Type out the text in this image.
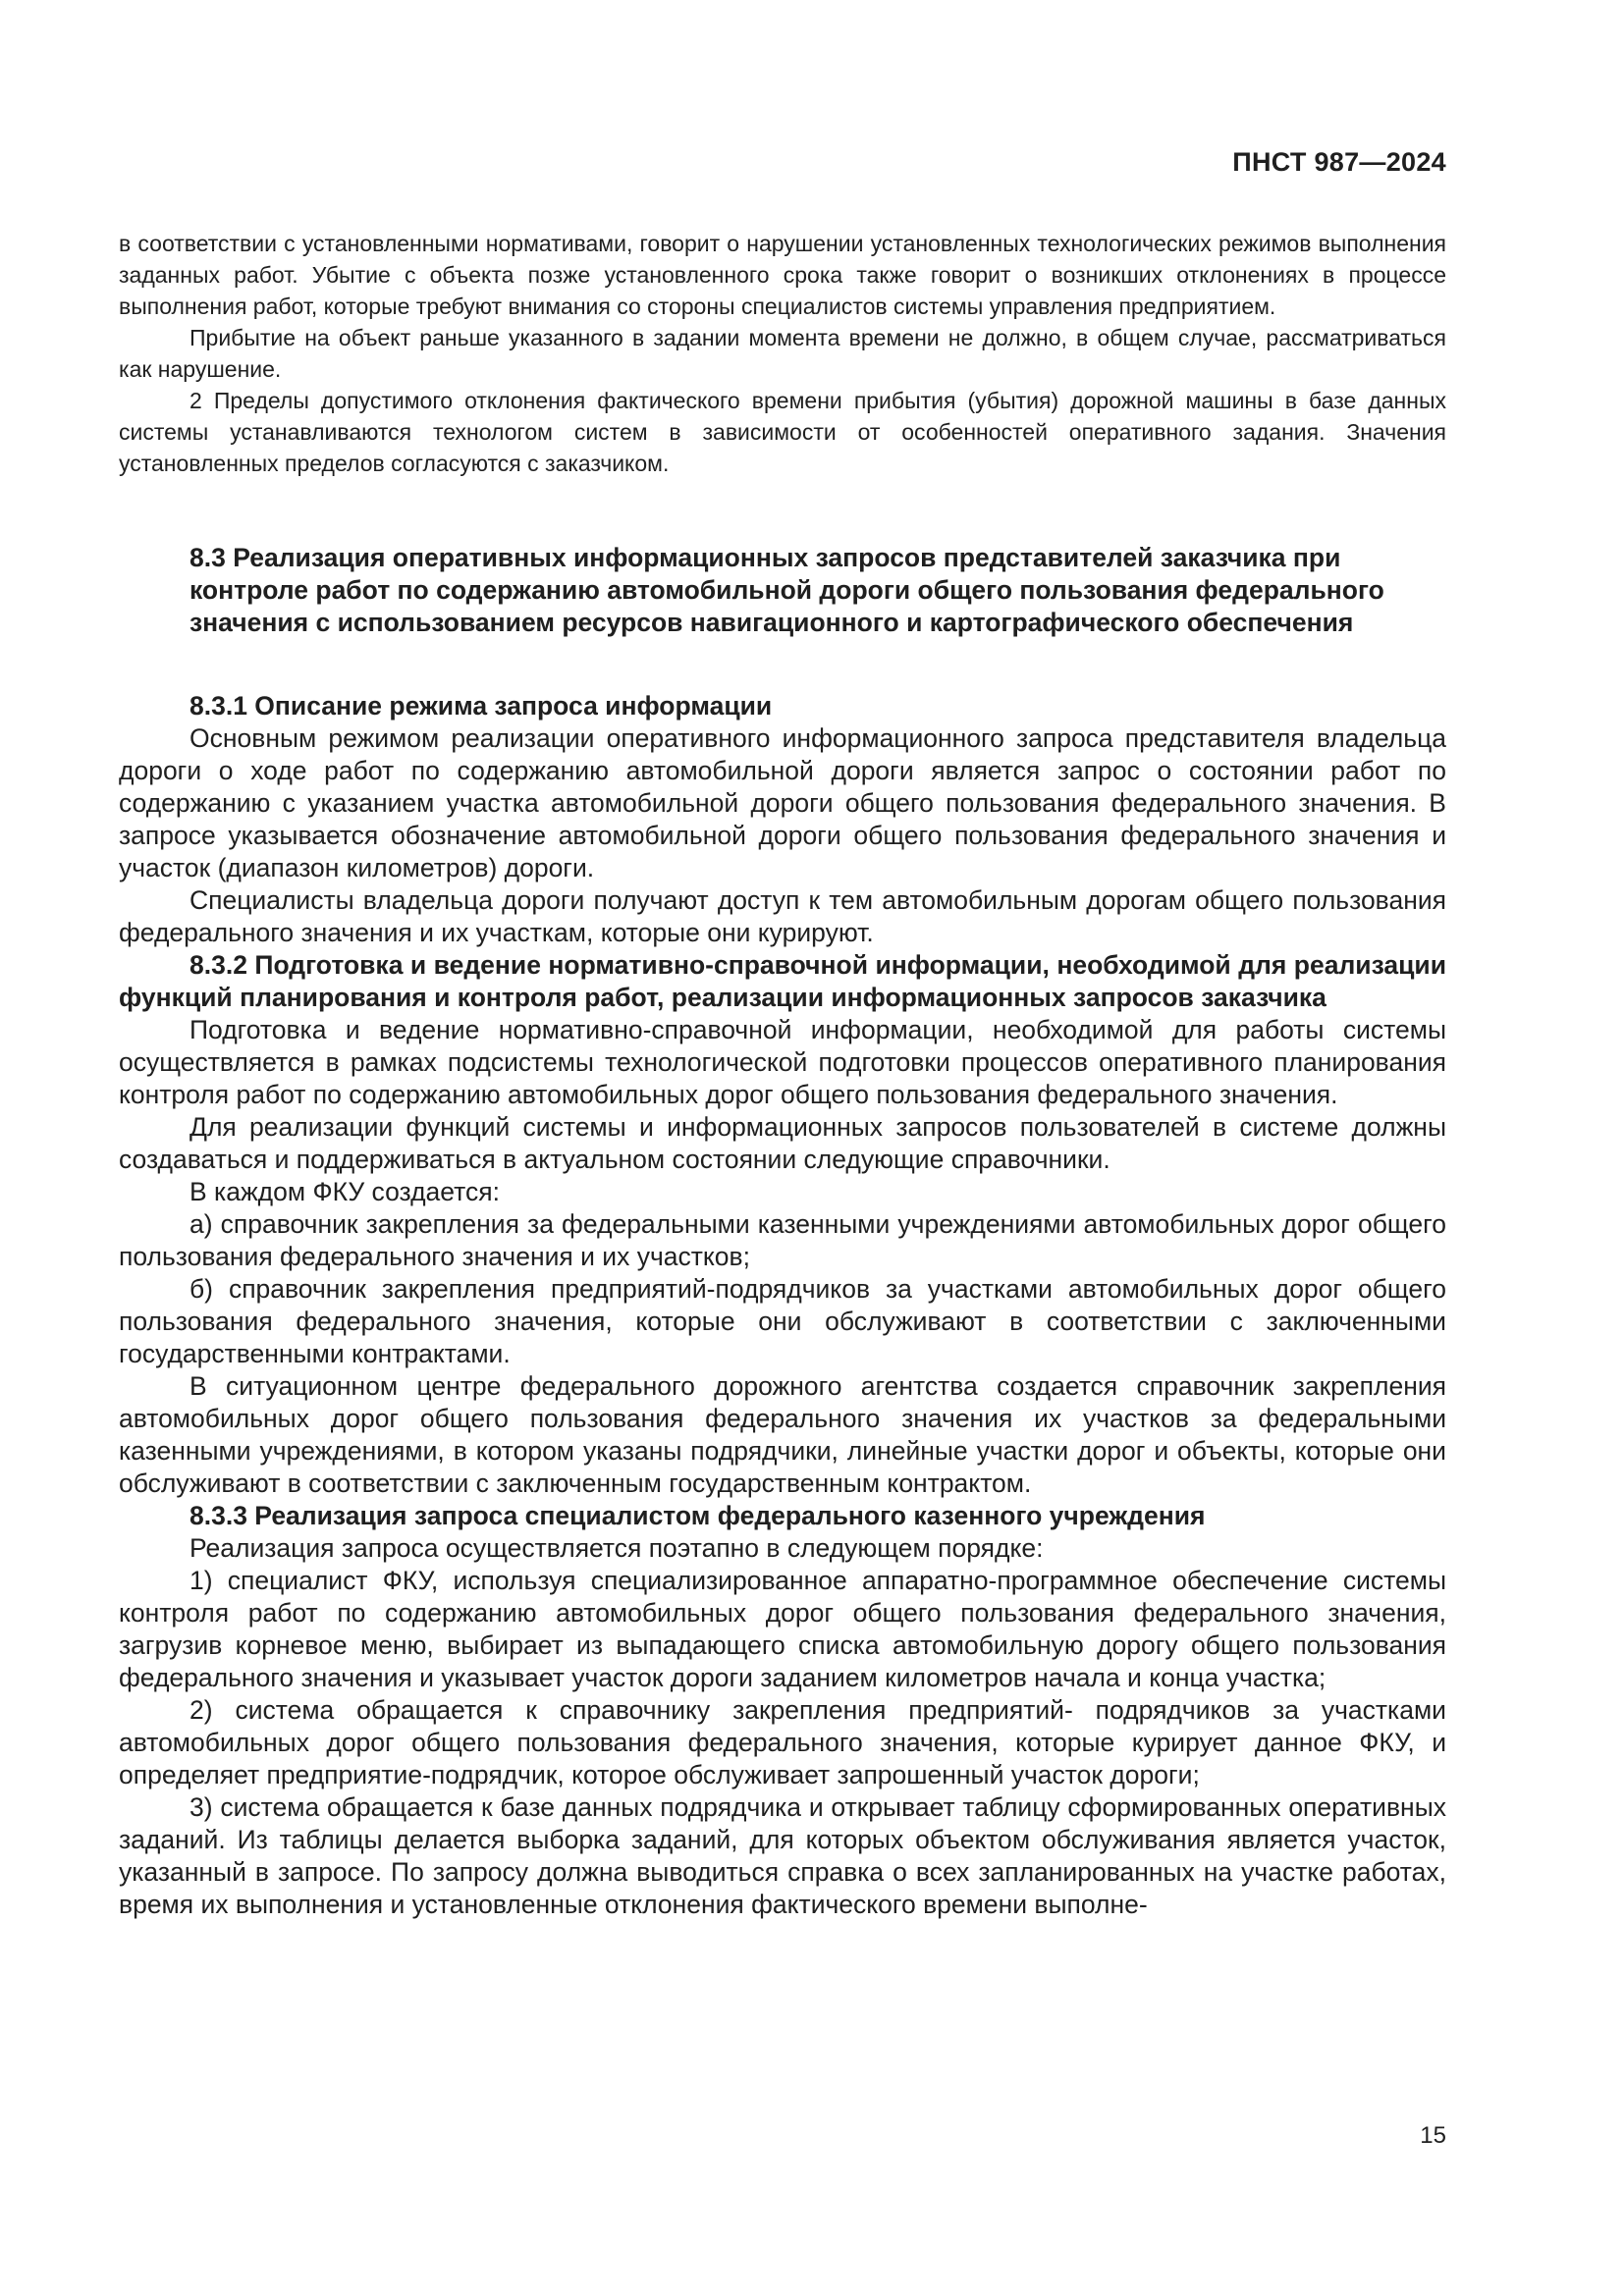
ПНСТ 987—2024

в соответствии с установленными нормативами, говорит о нарушении установленных технологических режимов выполнения заданных работ. Убытие с объекта позже установленного срока также говорит о возникших отклонениях в процессе выполнения работ, которые требуют внимания со стороны специалистов системы управления предприятием.

Прибытие на объект раньше указанного в задании момента времени не должно, в общем случае, рассматриваться как нарушение.

2 Пределы допустимого отклонения фактического времени прибытия (убытия) дорожной машины в базе данных системы устанавливаются технологом систем в зависимости от особенностей оперативного задания. Значения установленных пределов согласуются с заказчиком.

8.3 Реализация оперативных информационных запросов представителей заказчика при контроле работ по содержанию автомобильной дороги общего пользования федерального значения с использованием ресурсов навигационного и картографического обеспечения

8.3.1 Описание режима запроса информации

Основным режимом реализации оперативного информационного запроса представителя владельца дороги о ходе работ по содержанию автомобильной дороги является запрос о состоянии работ по содержанию с указанием участка автомобильной дороги общего пользования федерального значения. В запросе указывается обозначение автомобильной дороги общего пользования федерального значения и участок (диапазон километров) дороги.

Специалисты владельца дороги получают доступ к тем автомобильным дорогам общего пользования федерального значения и их участкам, которые они курируют.

8.3.2 Подготовка и ведение нормативно-справочной информации, необходимой для реализации функций планирования и контроля работ, реализации информационных запросов заказчика

Подготовка и ведение нормативно-справочной информации, необходимой для работы системы осуществляется в рамках подсистемы технологической подготовки процессов оперативного планирования контроля работ по содержанию автомобильных дорог общего пользования федерального значения.

Для реализации функций системы и информационных запросов пользователей в системе должны создаваться и поддерживаться в актуальном состоянии следующие справочники.

В каждом ФКУ создается:

а) справочник закрепления за федеральными казенными учреждениями автомобильных дорог общего пользования федерального значения и их участков;

б) справочник закрепления предприятий-подрядчиков за участками автомобильных дорог общего пользования федерального значения, которые они обслуживают в соответствии с заключенными государственными контрактами.

В ситуационном центре федерального дорожного агентства создается справочник закрепления автомобильных дорог общего пользования федерального значения их участков за федеральными казенными учреждениями, в котором указаны подрядчики, линейные участки дорог и объекты, которые они обслуживают в соответствии с заключенным государственным контрактом.

8.3.3 Реализация запроса специалистом федерального казенного учреждения

Реализация запроса осуществляется поэтапно в следующем порядке:

1) специалист ФКУ, используя специализированное аппаратно-программное обеспечение системы контроля работ по содержанию автомобильных дорог общего пользования федерального значения, загрузив корневое меню, выбирает из выпадающего списка автомобильную дорогу общего пользования федерального значения и указывает участок дороги заданием километров начала и конца участка;

2) система обращается к справочнику закрепления предприятий- подрядчиков за участками автомобильных дорог общего пользования федерального значения, которые курирует данное ФКУ, и определяет предприятие-подрядчик, которое обслуживает запрошенный участок дороги;

3) система обращается к базе данных подрядчика и открывает таблицу сформированных оперативных заданий. Из таблицы делается выборка заданий, для которых объектом обслуживания является участок, указанный в запросе. По запросу должна выводиться справка о всех запланированных на участке работах, время их выполнения и установленные отклонения фактического времени выполне-

15
